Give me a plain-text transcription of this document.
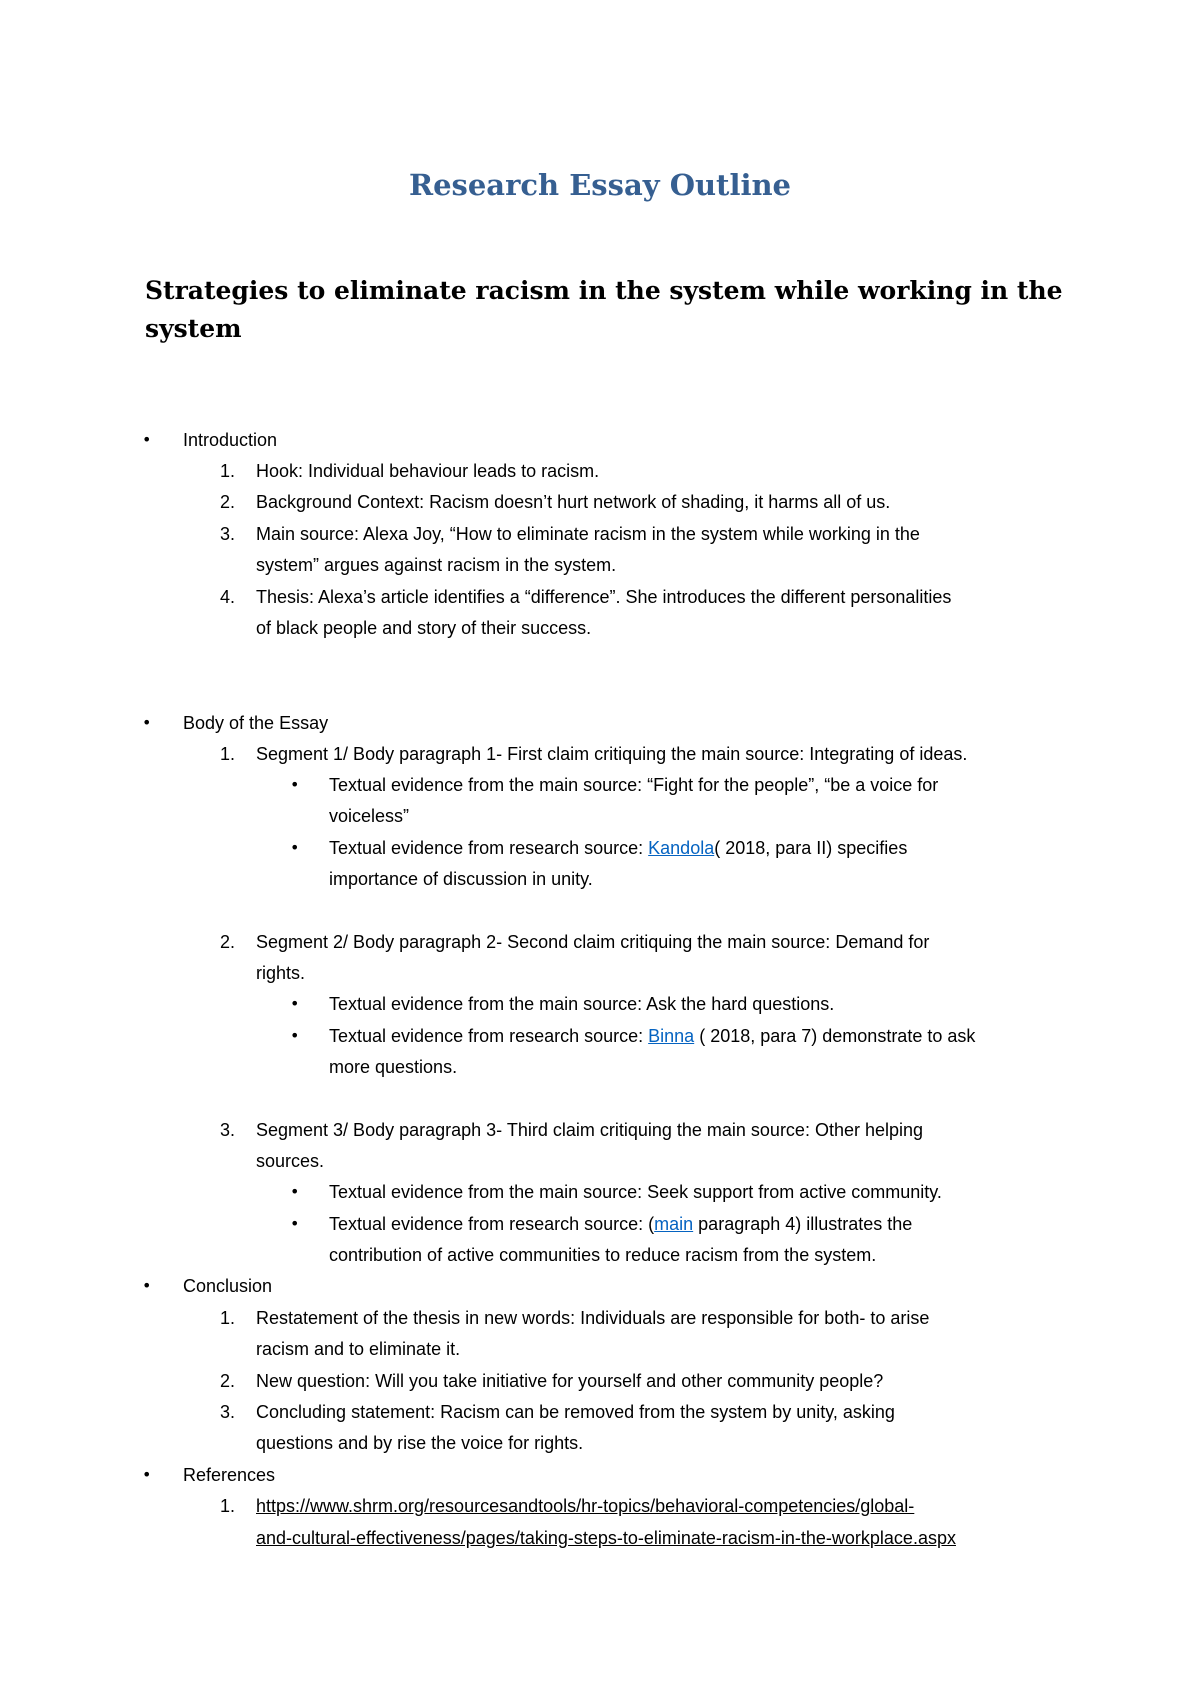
Research Essay Outline
Strategies to eliminate racism in the system while working in the system
• Introduction
1. Hook: Individual behaviour leads to racism.
2. Background Context: Racism doesn’t hurt network of shading, it harms all of us.
3. Main source: Alexa Joy, “How to eliminate racism in the system while working in the
system” argues against racism in the system.
4. Thesis: Alexa’s article identifies a “difference”. She introduces the different personalities
of black people and story of their success.
• Body of the Essay
1. Segment 1/ Body paragraph 1- First claim critiquing the main source: Integrating of ideas.
• Textual evidence from the main source: “Fight for the people”, “be a voice for
voiceless”
• Textual evidence from research source: Kandola( 2018, para II) specifies
importance of discussion in unity.
2. Segment 2/ Body paragraph 2- Second claim critiquing the main source: Demand for
rights.
• Textual evidence from the main source: Ask the hard questions.
• Textual evidence from research source: Binna ( 2018, para 7) demonstrate to ask
more questions.
3. Segment 3/ Body paragraph 3- Third claim critiquing the main source: Other helping
sources.
• Textual evidence from the main source: Seek support from active community.
• Textual evidence from research source: (main paragraph 4) illustrates the
contribution of active communities to reduce racism from the system.
• Conclusion
1. Restatement of the thesis in new words: Individuals are responsible for both- to arise
racism and to eliminate it.
2. New question: Will you take initiative for yourself and other community people?
3. Concluding statement: Racism can be removed from the system by unity, asking
questions and by rise the voice for rights.
• References
1. https://www.shrm.org/resourcesandtools/hr-topics/behavioral-competencies/global-
and-cultural-effectiveness/pages/taking-steps-to-eliminate-racism-in-the-workplace.aspx
